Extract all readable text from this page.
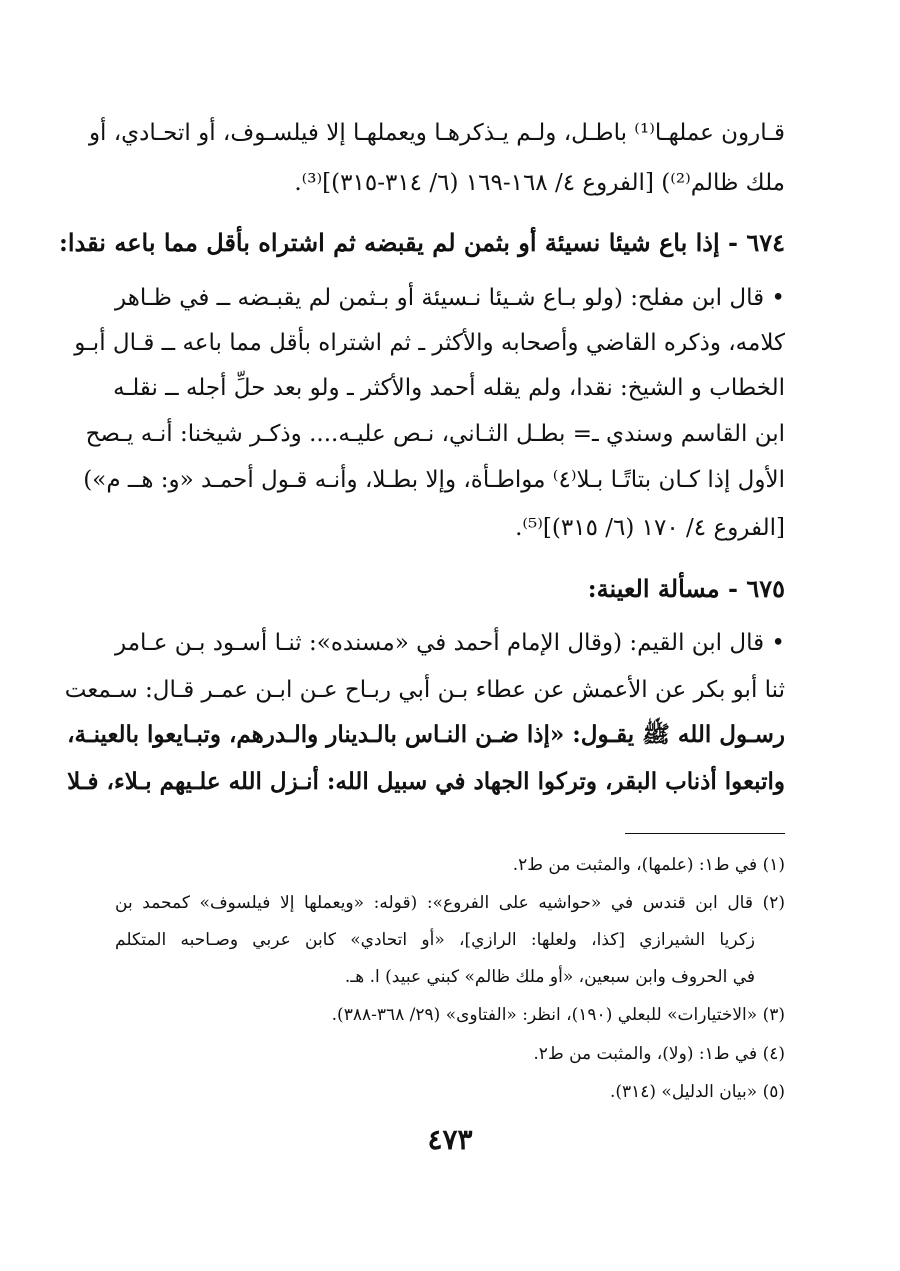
قـارون عملهـا⁽¹⁾ باطـل، ولـم يـذكرهـا ويعملهـا إلا فيلسـوف، أو اتحـادي، أو
ملك ظالم⁽²⁾) [الفروع ٤/ ١٦٨-١٦٩ (٦/ ٣١٤-٣١٥)]⁽³⁾.
٦٧٤ - إذا باع شيئا نسيئة أو بثمن لم يقبضه ثم اشتراه بأقل مما باعه نقدا:
• قال ابن مفلح: (ولو بـاع شـيئا نـسيئة أو بـثمن لم يقبـضه ــ في ظـاهر
كلامه، وذكره القاضي وأصحابه والأكثر ـ ثم اشتراه بأقل مما باعه ــ قـال أبـو
الخطاب و الشيخ: نقدا، ولم يقله أحمد والأكثر ـ ولو بعد حلِّ أجله ــ نقلـه
ابن القاسم وسندي ـ= بطـل الثـاني، نـص عليـه.... وذكـر شيخنا: أنـه يـصح
الأول إذا كـان بتاتًـا بـلا⁽٤⁾ مواطـأة، وإلا بطـلا، وأنـه قـول أحمـد «و: هــ م»)
[الفروع ٤/ ١٧٠ (٦/ ٣١٥)]⁽⁵⁾.
٦٧٥ - مسألة العينة:
• قال ابن القيم: (وقال الإمام أحمد في «مسنده»: ثنـا أسـود بـن عـامر
ثنا أبو بكر عن الأعمش عن عطاء بـن أبي ربـاح عـن ابـن عمـر قـال: سـمعت
رسـول الله ﷺ يقـول: «إذا ضـن النـاس بالـدينار والـدرهم، وتبـايعوا بالعينـة،
واتبعوا أذناب البقر، وتركوا الجهاد في سبيل الله: أنـزل الله علـيهم بـلاء، فـلا
(١) في ط١: (علمها)، والمثبت من ط٢.
(٢) قال ابن قندس في «حواشيه على الفروع»: (قوله: «ويعملها إلا فيلسوف» كمحمد بن
زكريا الشيرازي [كذا، ولعلها: الرازي]، «أو اتحادي» كابن عربي وصـاحبه المتكلم
في الحروف وابن سبعين، «أو ملك ظالم» كبني عبيد) ا. هـ.
(٣) «الاختيارات» للبعلي (١٩٠)، انظر: «الفتاوى» (٢٩/ ٣٦٨-٣٨٨).
(٤) في ط١: (ولا)، والمثبت من ط٢.
(٥) «بيان الدليل» (٣١٤).
٤٧٣
